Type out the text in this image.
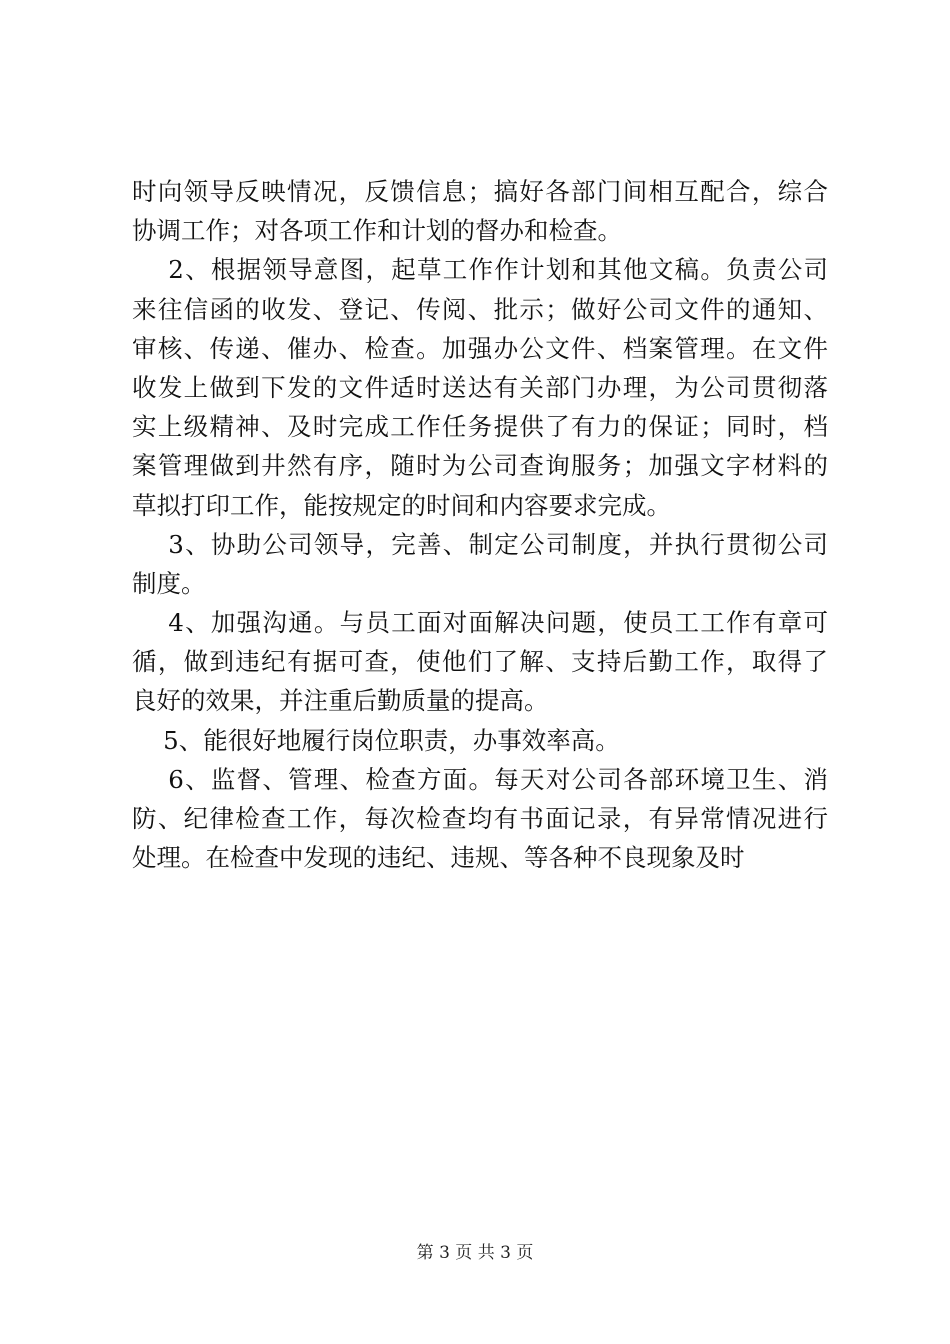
时向领导反映情况，反馈信息；搞好各部门间相互配合，综合
协调工作；对各项工作和计划的督办和检查。
2、根据领导意图，起草工作作计划和其他文稿。负责公司
来往信函的收发、登记、传阅、批示；做好公司文件的通知、
审核、传递、催办、检查。加强办公文件、档案管理。在文件
收发上做到下发的文件适时送达有关部门办理，为公司贯彻落
实上级精神、及时完成工作任务提供了有力的保证；同时，档
案管理做到井然有序，随时为公司查询服务；加强文字材料的
草拟打印工作，能按规定的时间和内容要求完成。
3、协助公司领导，完善、制定公司制度，并执行贯彻公司
制度。
4、加强沟通。与员工面对面解决问题，使员工工作有章可
循，做到违纪有据可查，使他们了解、支持后勤工作，取得了
良好的效果，并注重后勤质量的提高。
5、能很好地履行岗位职责，办事效率高。
6、监督、管理、检查方面。每天对公司各部环境卫生、消
防、纪律检查工作，每次检查均有书面记录，有异常情况进行
处理。在检查中发现的违纪、违规、等各种不良现象及时
第 3 页 共 3 页
